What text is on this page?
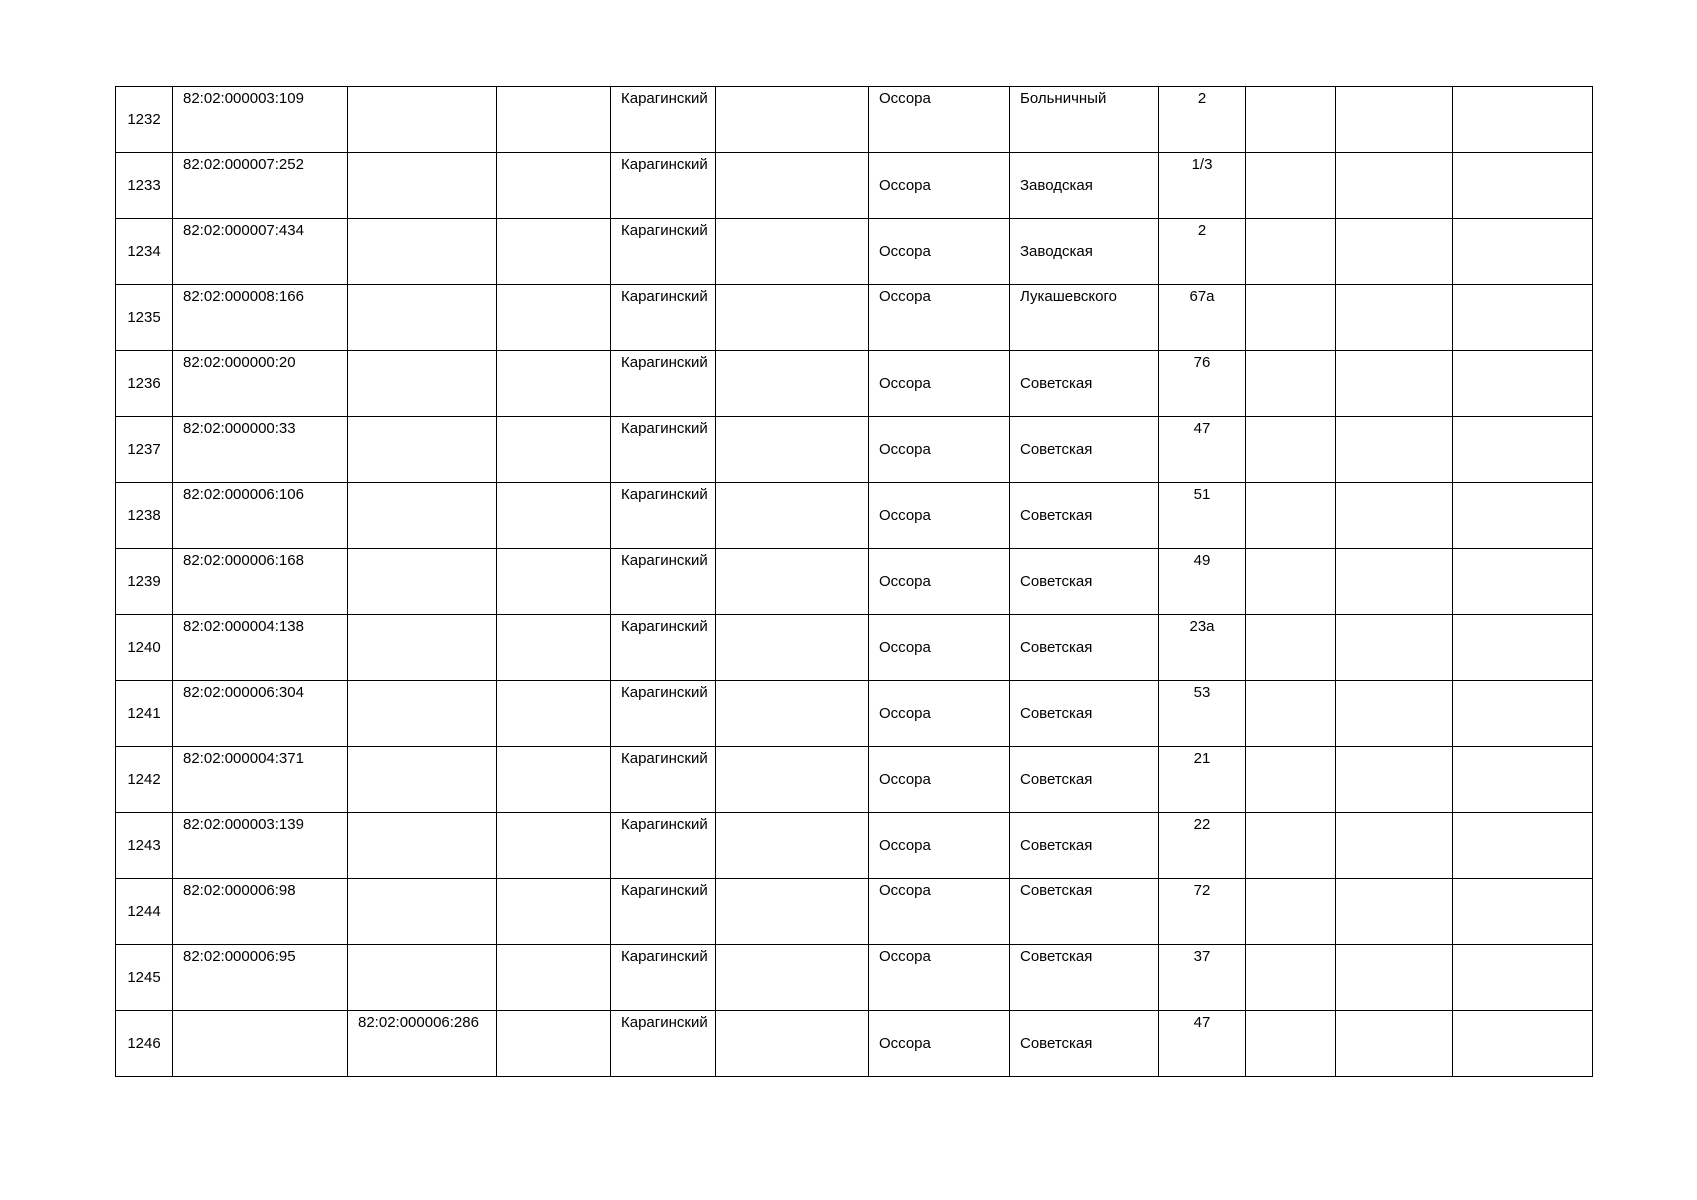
1232	82:02:000003:109			Карагинский		Оссора	Больничный	2			
1233	82:02:000007:252			Карагинский		Оссора	Заводская	1/3			
1234	82:02:000007:434			Карагинский		Оссора	Заводская	2			
1235	82:02:000008:166			Карагинский		Оссора	Лукашевского	67а			
1236	82:02:000000:20			Карагинский		Оссора	Советская	76			
1237	82:02:000000:33			Карагинский		Оссора	Советская	47			
1238	82:02:000006:106			Карагинский		Оссора	Советская	51			
1239	82:02:000006:168			Карагинский		Оссора	Советская	49			
1240	82:02:000004:138			Карагинский		Оссора	Советская	23а			
1241	82:02:000006:304			Карагинский		Оссора	Советская	53			
1242	82:02:000004:371			Карагинский		Оссора	Советская	21			
1243	82:02:000003:139			Карагинский		Оссора	Советская	22			
1244	82:02:000006:98			Карагинский		Оссора	Советская	72			
1245	82:02:000006:95			Карагинский		Оссора	Советская	37			
1246		82:02:000006:286		Карагинский		Оссора	Советская	47			
